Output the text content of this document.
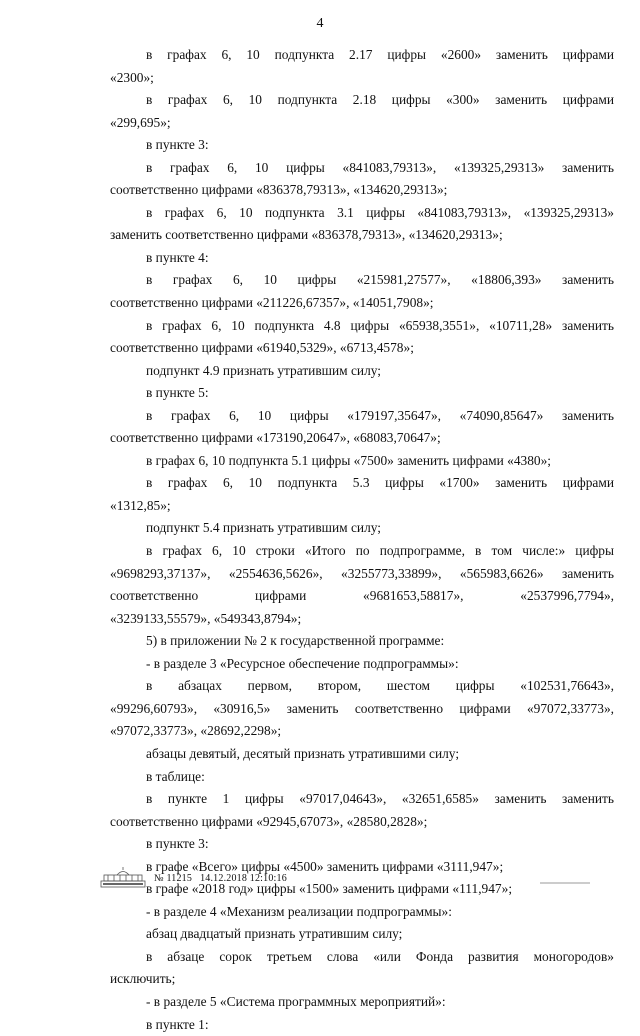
4

в графах 6, 10 подпункта 2.17 цифры «2600» заменить цифрами

«2300»;

в графах 6, 10 подпункта 2.18 цифры «300» заменить цифрами

«299,695»;

в пункте 3:

в графах 6, 10 цифры «841083,79313», «139325,29313» заменить

соответственно цифрами «836378,79313», «134620,29313»;

в графах 6, 10 подпункта 3.1 цифры «841083,79313», «139325,29313»

заменить соответственно цифрами «836378,79313», «134620,29313»;

в пункте 4:

в графах 6, 10 цифры «215981,27577», «18806,393» заменить

соответственно цифрами «211226,67357», «14051,7908»;

в графах 6, 10 подпункта 4.8 цифры «65938,3551», «10711,28» заменить

соответственно цифрами «61940,5329», «6713,4578»;

подпункт 4.9 признать утратившим силу;

в пункте 5:

в графах 6, 10 цифры «179197,35647», «74090,85647» заменить

соответственно цифрами «173190,20647», «68083,70647»;

в графах 6, 10 подпункта 5.1 цифры «7500» заменить цифрами «4380»;

в графах 6, 10 подпункта 5.3 цифры «1700» заменить цифрами

«1312,85»;

подпункт 5.4 признать утратившим силу;

в графах 6, 10 строки «Итого по подпрограмме, в том числе:» цифры

«9698293,37137», «2554636,5626», «3255773,33899», «565983,6626» заменить

соответственно цифрами «9681653,58817», «2537996,7794»,

«3239133,55579», «549343,8794»;

5) в приложении № 2 к государственной программе:

- в разделе 3 «Ресурсное обеспечение подпрограммы»:

в абзацах первом, втором, шестом цифры «102531,76643»,

«99296,60793», «30916,5» заменить соответственно цифрами «97072,33773»,

«97072,33773», «28692,2298»;

абзацы девятый, десятый признать утратившими силу;

в таблице:

в пункте 1 цифры «97017,04643», «32651,6585» заменить заменить

соответственно цифрами «92945,67073», «28580,2828»;

в пункте 3:

в графе «Всего» цифры «4500» заменить цифрами «3111,947»;

в графе «2018 год» цифры «1500» заменить цифрами «111,947»;

- в разделе 4 «Механизм реализации подпрограммы»:

абзац двадцатый признать утратившим силу;

в абзаце сорок третьем слова «или Фонда развития моногородов»

исключить;

- в разделе 5 «Система программных мероприятий»:

в пункте 1:

№ 11215 14.12.2018 12:10:16
